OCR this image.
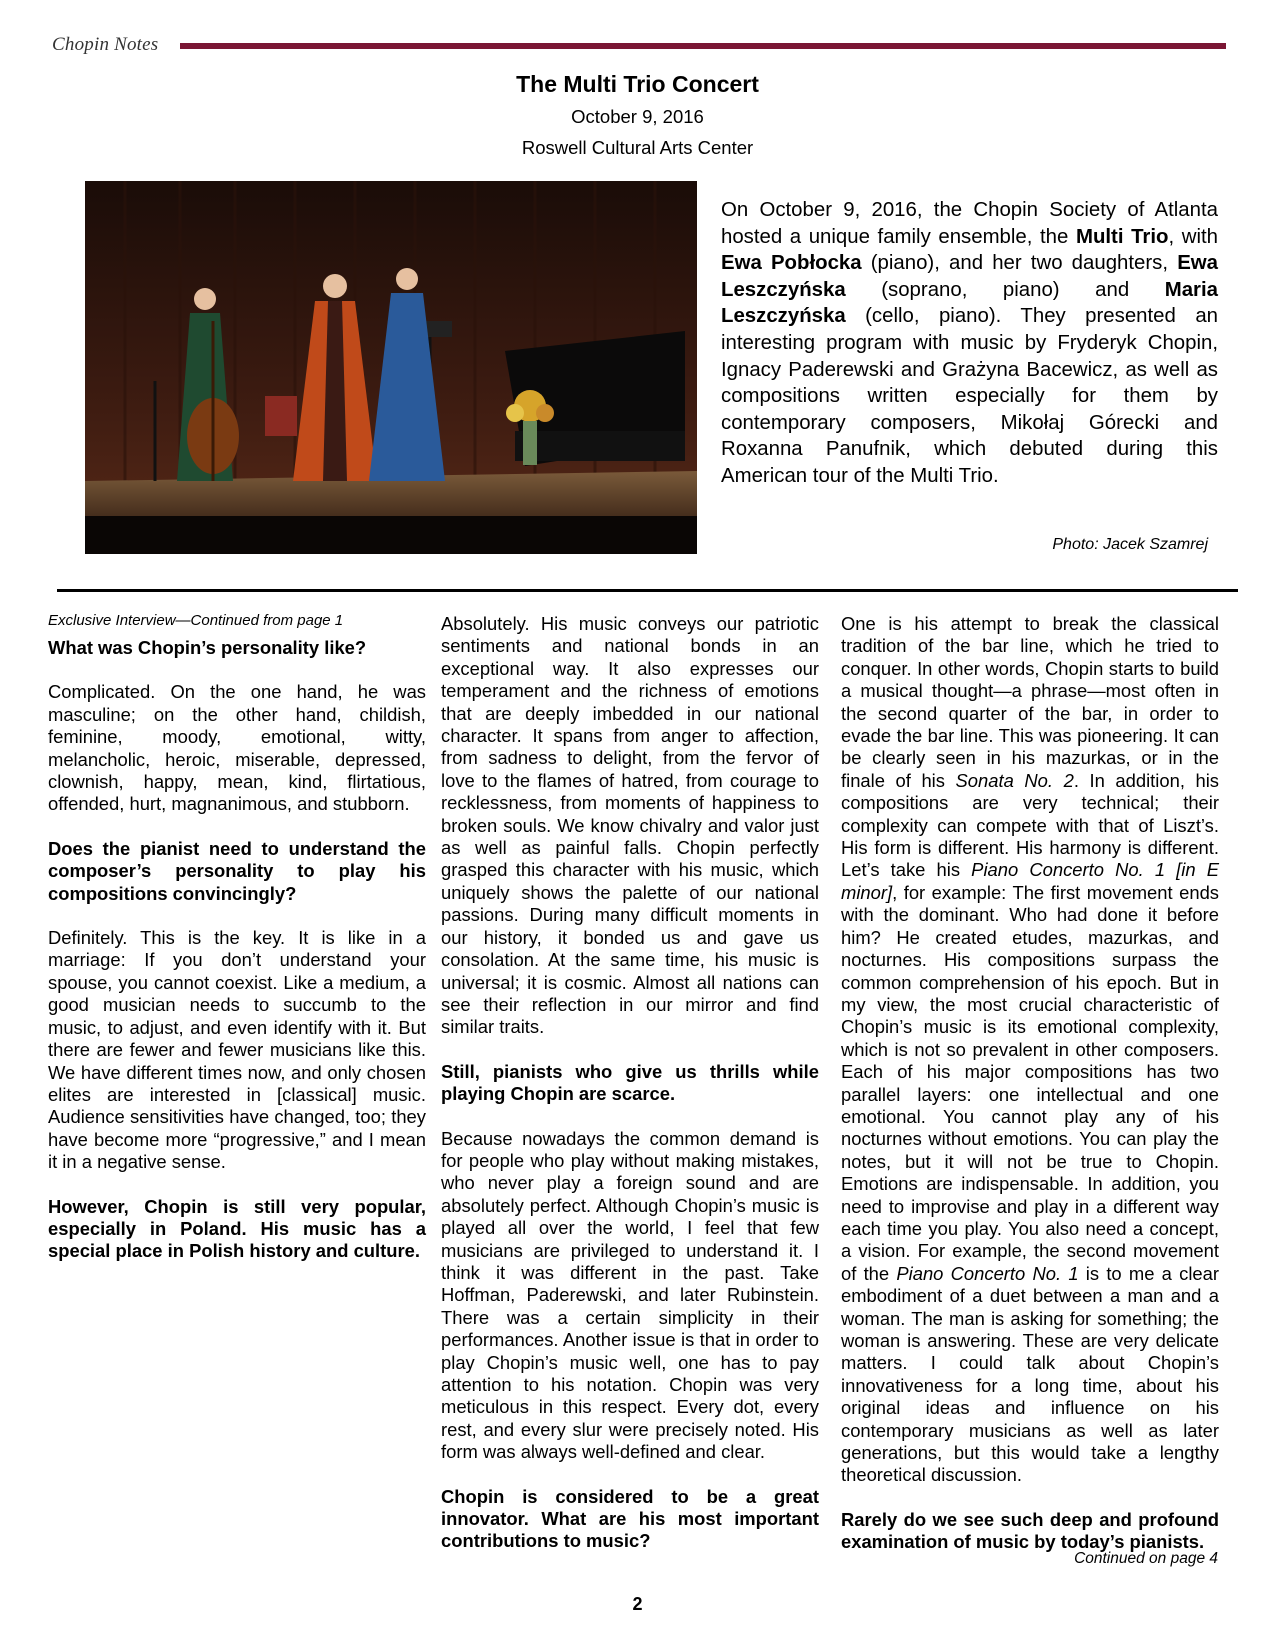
Chopin Notes
The Multi Trio Concert
October 9, 2016
Roswell Cultural Arts Center
On October 9, 2016, the Chopin Society of Atlanta hosted a unique family ensemble, the Multi Trio, with Ewa Pobłocka (piano), and her two daughters, Ewa Leszczyńska (soprano, piano) and Maria Leszczyńska (cello, piano). They presented an interesting program with music by Fryderyk Chopin, Ignacy Paderewski and Grażyna Bacewicz, as well as compositions written especially for them by contemporary composers, Mikołaj Górecki and Roxanna Panufnik, which debuted during this American tour of the Multi Trio.
Photo: Jacek Szamrej

Exclusive Interview—Continued from page 1

What was Chopin’s personality like?

Complicated. On the one hand, he was masculine; on the other hand, childish, feminine, moody, emotional, witty, melancholic, heroic, miserable, depressed, clownish, happy, mean, kind, flirtatious, offended, hurt, magnanimous, and stubborn.

Does the pianist need to understand the composer’s personality to play his compositions convincingly?

Definitely. This is the key. It is like in a marriage: If you don’t understand your spouse, you cannot coexist. Like a medium, a good musician needs to succumb to the music, to adjust, and even identify with it. But there are fewer and fewer musicians like this. We have different times now, and only chosen elites are interested in [classical] music. Audience sensitivities have changed, too; they have become more “progressive,” and I mean it in a negative sense.

However, Chopin is still very popular, especially in Poland. His music has a special place in Polish history and culture.

Absolutely. His music conveys our patriotic sentiments and national bonds in an exceptional way. It also expresses our temperament and the richness of emotions that are deeply imbedded in our national character. It spans from anger to affection, from sadness to delight, from the fervor of love to the flames of hatred, from courage to recklessness, from moments of happiness to broken souls. We know chivalry and valor just as well as painful falls. Chopin perfectly grasped this character with his music, which uniquely shows the palette of our national passions. During many difficult moments in our history, it bonded us and gave us consolation. At the same time, his music is universal; it is cosmic. Almost all nations can see their reflection in our mirror and find similar traits.

Still, pianists who give us thrills while playing Chopin are scarce.

Because nowadays the common demand is for people who play without making mistakes, who never play a foreign sound and are absolutely perfect. Although Chopin’s music is played all over the world, I feel that few musicians are privileged to understand it. I think it was different in the past. Take Hoffman, Paderewski, and later Rubinstein. There was a certain simplicity in their performances. Another issue is that in order to play Chopin’s music well, one has to pay attention to his notation. Chopin was very meticulous in this respect. Every dot, every rest, and every slur were precisely noted. His form was always well-defined and clear.

Chopin is considered to be a great innovator. What are his most important contributions to music?

One is his attempt to break the classical tradition of the bar line, which he tried to conquer. In other words, Chopin starts to build a musical thought—a phrase—most often in the second quarter of the bar, in order to evade the bar line. This was pioneering. It can be clearly seen in his mazurkas, or in the finale of his Sonata No. 2. In addition, his compositions are very technical; their complexity can compete with that of Liszt’s. His form is different. His harmony is different. Let’s take his Piano Concerto No. 1 [in E minor], for example: The first movement ends with the dominant. Who had done it before him? He created etudes, mazurkas, and nocturnes. His compositions surpass the common comprehension of his epoch. But in my view, the most crucial characteristic of Chopin’s music is its emotional complexity, which is not so prevalent in other composers. Each of his major compositions has two parallel layers: one intellectual and one emotional. You cannot play any of his nocturnes without emotions. You can play the notes, but it will not be true to Chopin. Emotions are indispensable. In addition, you need to improvise and play in a different way each time you play. You also need a concept, a vision. For example, the second movement of the Piano Concerto No. 1 is to me a clear embodiment of a duet between a man and a woman. The man is asking for something; the woman is answering. These are very delicate matters. I could talk about Chopin’s innovativeness for a long time, about his original ideas and influence on his contemporary musicians as well as later generations, but this would take a lengthy theoretical discussion.

Rarely do we see such deep and profound examination of music by today’s pianists.

Continued on page 4
2
